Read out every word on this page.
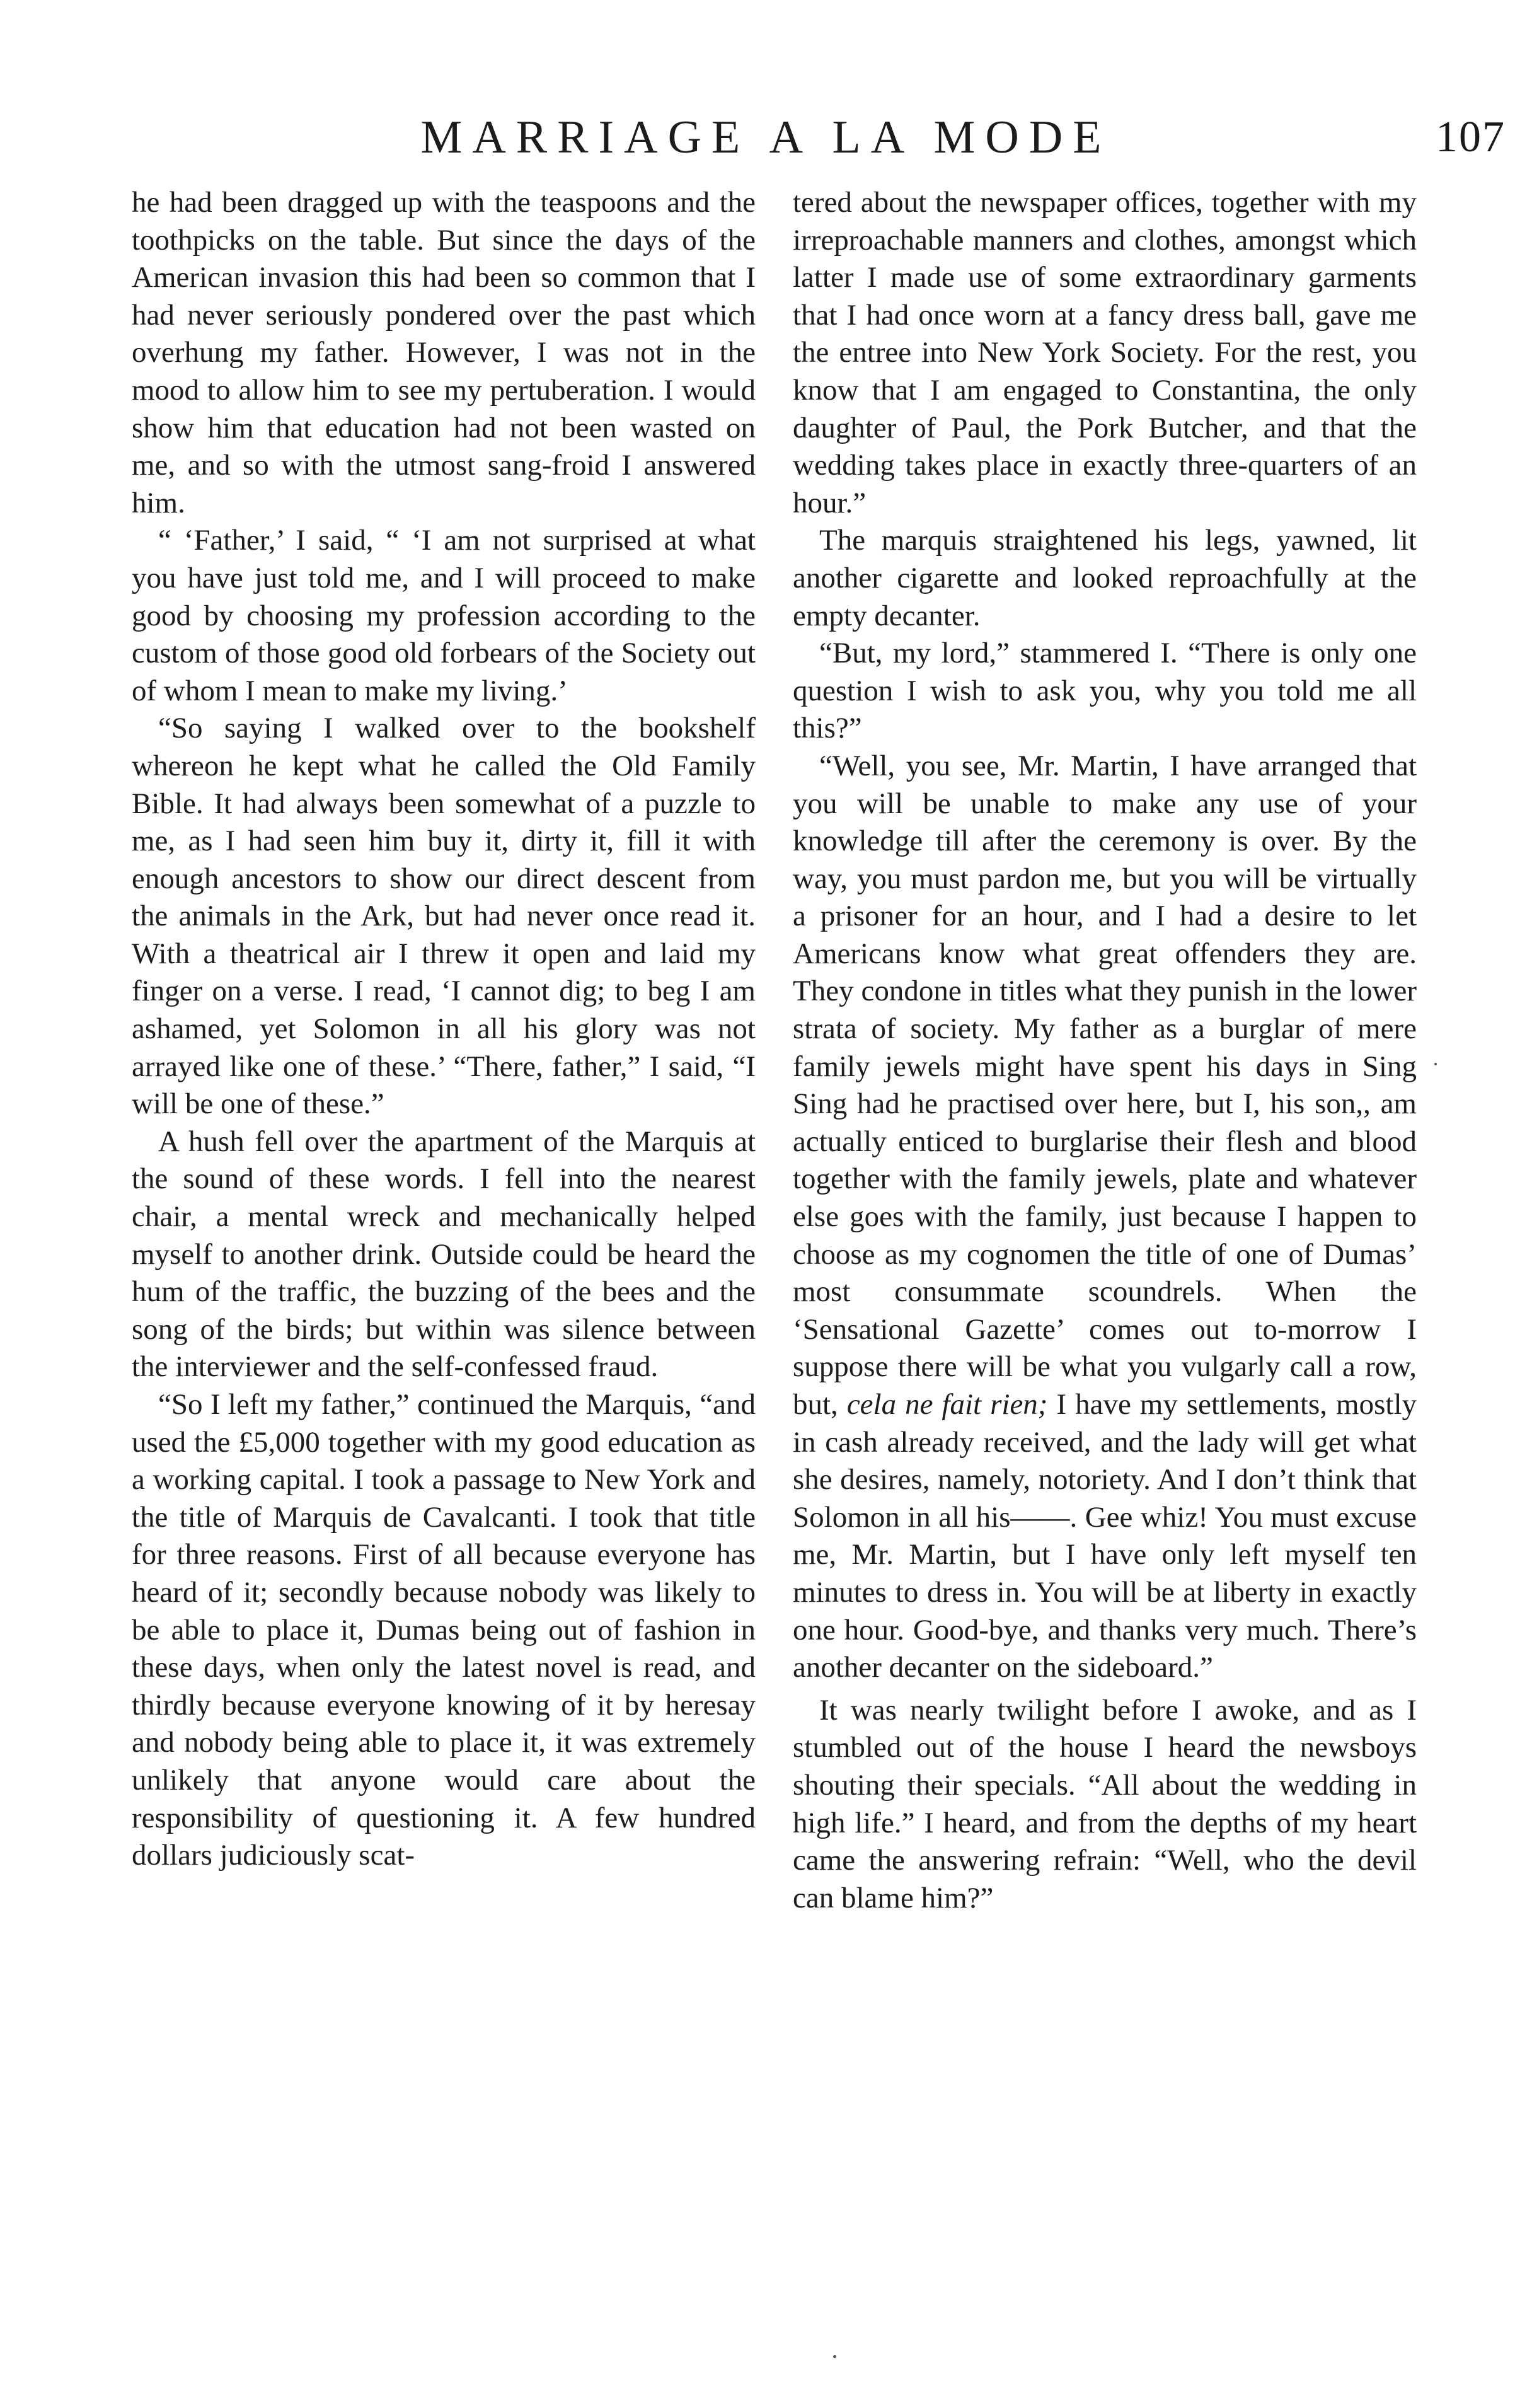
MARRIAGE A LA MODE	107

he had been dragged up with the teaspoons and the toothpicks on the table. But since the days of the American invasion this had been so common that I had never seriously pondered over the past which overhung my father. However, I was not in the mood to allow him to see my pertuberation. I would show him that education had not been wasted on me, and so with the utmost sang-froid I answered him.

“ ‘Father,’ I said, “ ‘I am not surprised at what you have just told me, and I will proceed to make good by choosing my profession according to the custom of those good old forbears of the Society out of whom I mean to make my living.’

“So saying I walked over to the bookshelf whereon he kept what he called the Old Family Bible. It had always been somewhat of a puzzle to me, as I had seen him buy it, dirty it, fill it with enough ancestors to show our direct descent from the animals in the Ark, but had never once read it. With a theatrical air I threw it open and laid my finger on a verse. I read, ‘I cannot dig; to beg I am ashamed, yet Solomon in all his glory was not arrayed like one of these.’ “There, father,” I said, “I will be one of these.”

A hush fell over the apartment of the Marquis at the sound of these words. I fell into the nearest chair, a mental wreck and mechanically helped myself to another drink. Outside could be heard the hum of the traffic, the buzzing of the bees and the song of the birds; but within was silence between the interviewer and the self-confessed fraud.

“So I left my father,” continued the Marquis, “and used the £5,000 together with my good education as a working capital. I took a passage to New York and the title of Marquis de Cavalcanti. I took that title for three reasons. First of all because everyone has heard of it; secondly because nobody was likely to be able to place it, Dumas being out of fashion in these days, when only the latest novel is read, and thirdly because everyone knowing of it by heresay and nobody being able to place it, it was extremely unlikely that anyone would care about the responsibility of questioning it. A few hundred dollars judiciously scat-

tered about the newspaper offices, together with my irreproachable manners and clothes, amongst which latter I made use of some extraordinary garments that I had once worn at a fancy dress ball, gave me the entree into New York Society. For the rest, you know that I am engaged to Constantina, the only daughter of Paul, the Pork Butcher, and that the wedding takes place in exactly three-quarters of an hour.”

The marquis straightened his legs, yawned, lit another cigarette and looked reproachfully at the empty decanter.

“But, my lord,” stammered I. “There is only one question I wish to ask you, why you told me all this?”

“Well, you see, Mr. Martin, I have arranged that you will be unable to make any use of your knowledge till after the ceremony is over. By the way, you must pardon me, but you will be virtually a prisoner for an hour, and I had a desire to let Americans know what great offenders they are. They condone in titles what they punish in the lower strata of society. My father as a burglar of mere family jewels might have spent his days in Sing Sing had he practised over here, but I, his son,, am actually enticed to burglarise their flesh and blood together with the family jewels, plate and whatever else goes with the family, just because I happen to choose as my cognomen the title of one of Dumas’ most consummate scoundrels. When the ‘Sensational Gazette’ comes out to-morrow I suppose there will be what you vulgarly call a row, but, cela ne fait rien; I have my settlements, mostly in cash already received, and the lady will get what she desires, namely, notoriety. And I don’t think that Solomon in all his——. Gee whiz! You must excuse me, Mr. Martin, but I have only left myself ten minutes to dress in. You will be at liberty in exactly one hour. Good-bye, and thanks very much. There’s another decanter on the sideboard.”

It was nearly twilight before I awoke, and as I stumbled out of the house I heard the newsboys shouting their specials. “All about the wedding in high life.” I heard, and from the depths of my heart came the answering refrain: “Well, who the devil can blame him?”
